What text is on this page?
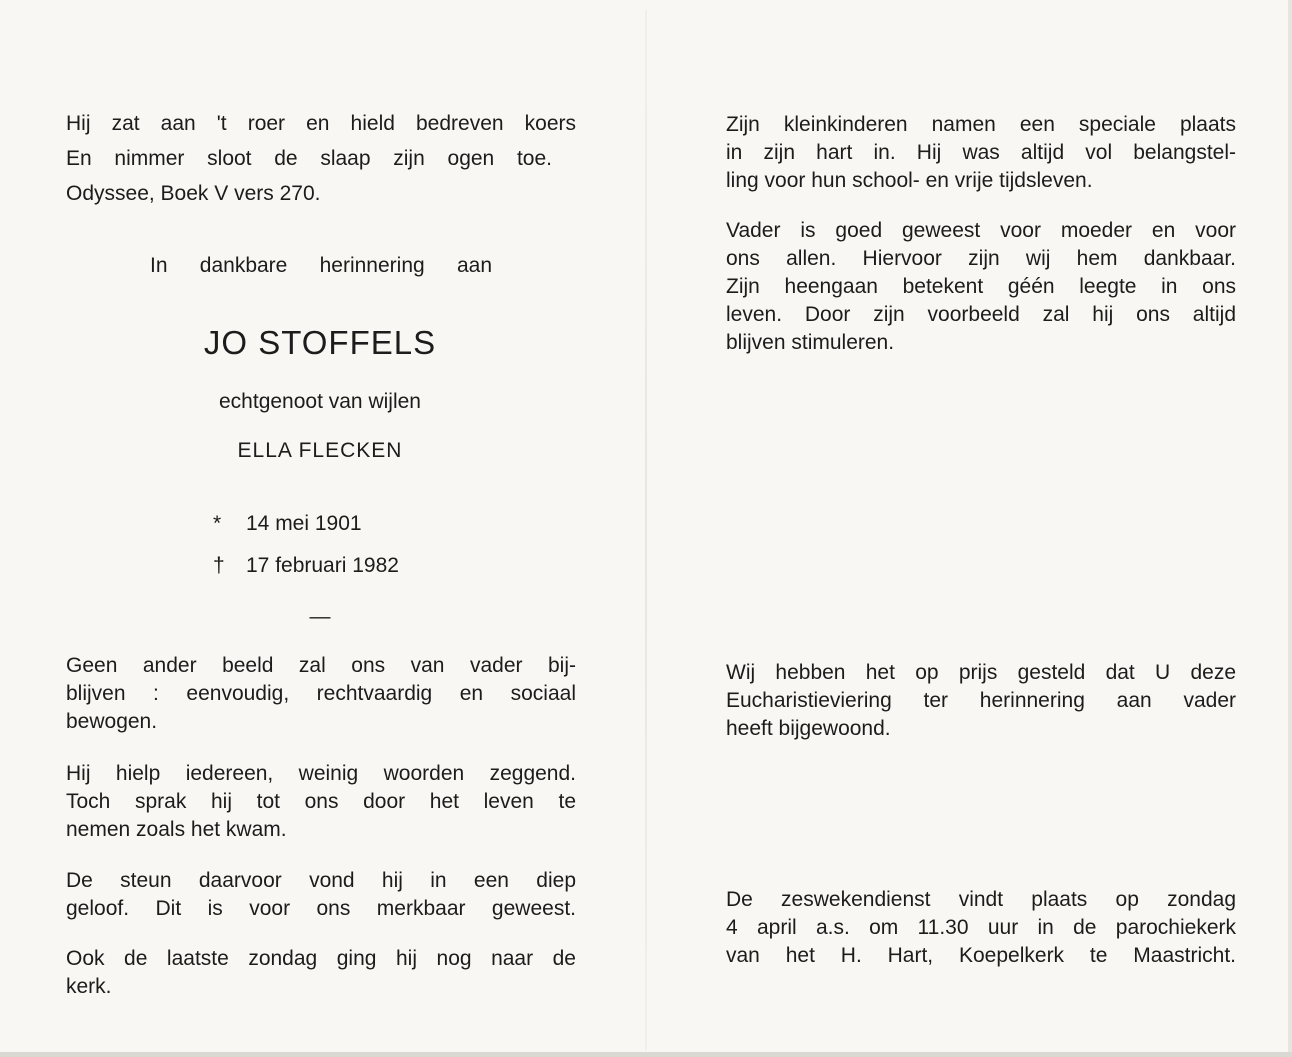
Hij zat aan 't roer en hield bedreven koers
En nimmer sloot de slaap zijn ogen toe.
Odyssee, Boek V vers 270.
In dankbare herinnering aan
JO STOFFELS
echtgenoot van wijlen
ELLA FLECKEN
* 14 mei 1901
† 17 februari 1982
—
Geen ander beeld zal ons van vader bij-
blijven : eenvoudig, rechtvaardig en sociaal
bewogen.
Hij hielp iedereen, weinig woorden zeggend.
Toch sprak hij tot ons door het leven te
nemen zoals het kwam.
De steun daarvoor vond hij in een diep
geloof. Dit is voor ons merkbaar geweest.
Ook de laatste zondag ging hij nog naar de
kerk.
Zijn kleinkinderen namen een speciale plaats
in zijn hart in. Hij was altijd vol belangstel-
ling voor hun school- en vrije tijdsleven.
Vader is goed geweest voor moeder en voor
ons allen. Hiervoor zijn wij hem dankbaar.
Zijn heengaan betekent géén leegte in ons
leven. Door zijn voorbeeld zal hij ons altijd
blijven stimuleren.
Wij hebben het op prijs gesteld dat U deze
Eucharistieviering ter herinnering aan vader
heeft bijgewoond.
De zeswekendienst vindt plaats op zondag
4 april a.s. om 11.30 uur in de parochiekerk
van het H. Hart, Koepelkerk te Maastricht.
